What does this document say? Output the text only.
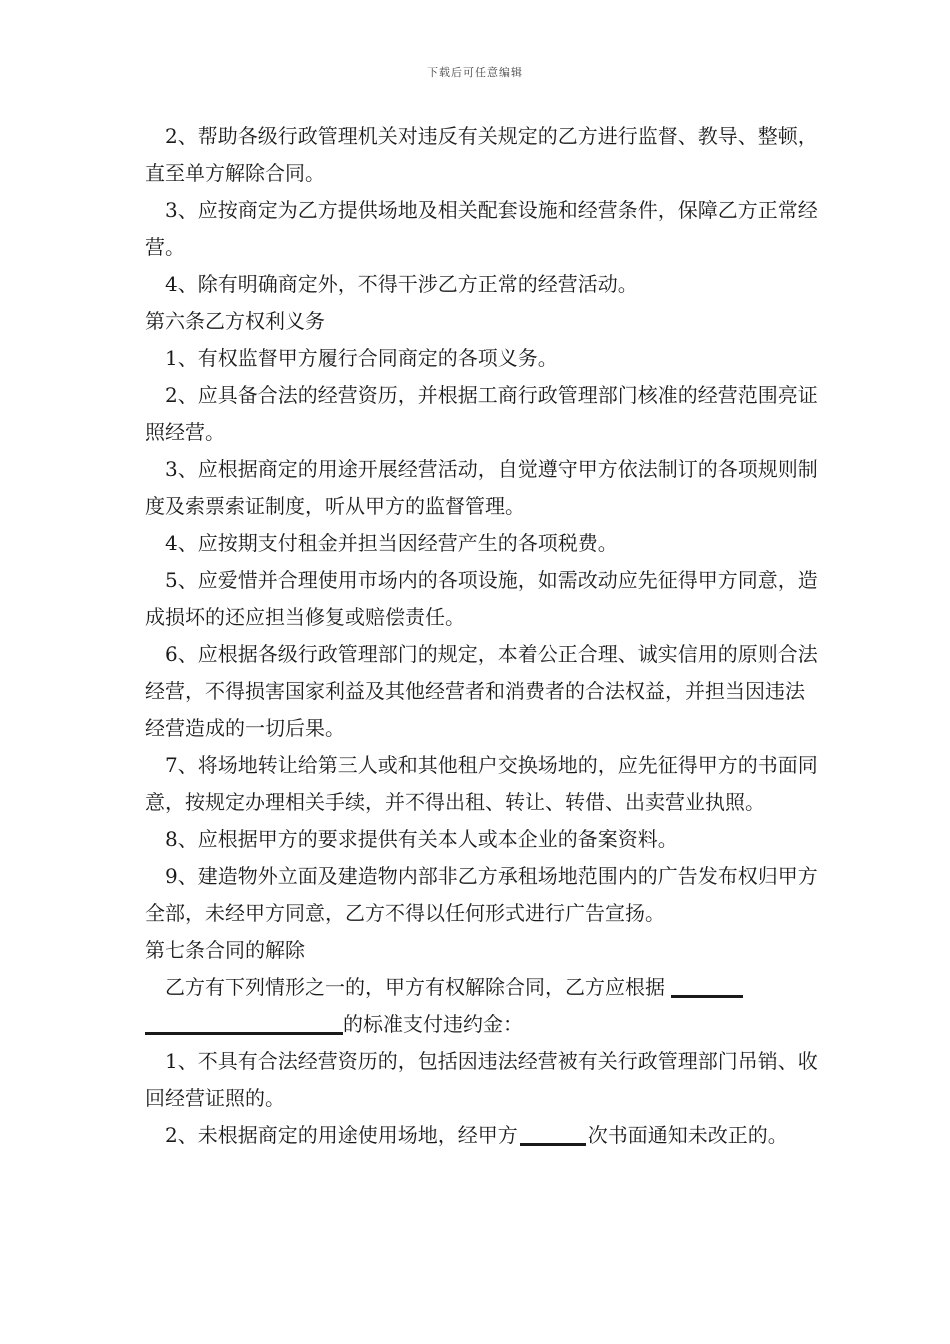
下载后可任意编辑

2、帮助各级行政管理机关对违反有关规定的乙方进行监督、教导、整顿，直至单方解除合同。

3、应按商定为乙方提供场地及相关配套设施和经营条件，保障乙方正常经营。

4、除有明确商定外，不得干涉乙方正常的经营活动。

第六条乙方权利义务

1、有权监督甲方履行合同商定的各项义务。

2、应具备合法的经营资历，并根据工商行政管理部门核准的经营范围亮证照经营。

3、应根据商定的用途开展经营活动，自觉遵守甲方依法制订的各项规则制度及索票索证制度，听从甲方的监督管理。

4、应按期支付租金并担当因经营产生的各项税费。

5、应爱惜并合理使用市场内的各项设施，如需改动应先征得甲方同意，造成损坏的还应担当修复或赔偿责任。

6、应根据各级行政管理部门的规定，本着公正合理、诚实信用的原则合法经营，不得损害国家利益及其他经营者和消费者的合法权益，并担当因违法经营造成的一切后果。

7、将场地转让给第三人或和其他租户交换场地的，应先征得甲方的书面同意，按规定办理相关手续，并不得出租、转让、转借、出卖营业执照。

8、应根据甲方的要求提供有关本人或本企业的备案资料。

9、建造物外立面及建造物内部非乙方承租场地范围内的广告发布权归甲方全部，未经甲方同意，乙方不得以任何形式进行广告宣扬。

第七条合同的解除

乙方有下列情形之一的，甲方有权解除合同，乙方应根据的标准支付违约金：

1、不具有合法经营资历的，包括因违法经营被有关行政管理部门吊销、收回经营证照的。

2、未根据商定的用途使用场地，经甲方	次书面通知未改正的。
